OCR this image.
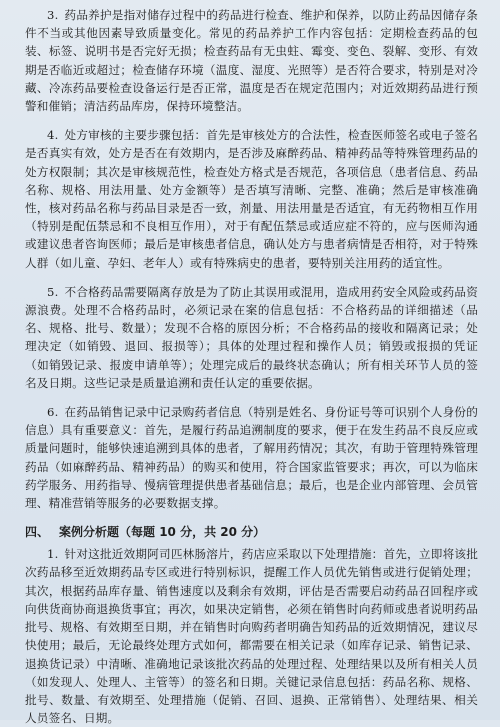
3. 药品养护是指对储存过程中的药品进行检查、维护和保养，以防止药品因储存条件不当或其他因素导致质量变化。常见的药品养护工作内容包括：定期检查药品的包装、标签、说明书是否完好无损；检查药品有无虫蛀、霉变、变色、裂解、变形、有效期是否临近或超过；检查储存环境（温度、湿度、光照等）是否符合要求，特别是对冷藏、冷冻药品要检查设备运行是否正常，温度是否在规定范围内；对近效期药品进行预警和催销；清洁药品库房，保持环境整洁。

4. 处方审核的主要步骤包括：首先是审核处方的合法性，检查医师签名或电子签名是否真实有效，处方是否在有效期内，是否涉及麻醉药品、精神药品等特殊管理药品的处方权限制；其次是审核规范性，检查处方格式是否规范，各项信息（患者信息、药品名称、规格、用法用量、处方金额等）是否填写清晰、完整、准确；然后是审核准确性，核对药品名称与药品目录是否一致，剂量、用法用量是否适宜，有无药物相互作用（特别是配伍禁忌和不良相互作用），对于有配伍禁忌或适应症不符的，应与医师沟通或建议患者咨询医师；最后是审核患者信息，确认处方与患者病情是否相符，对于特殊人群（如儿童、孕妇、老年人）或有特殊病史的患者，要特别关注用药的适宜性。

5. 不合格药品需要隔离存放是为了防止其误用或混用，造成用药安全风险或药品资源浪费。处理不合格药品时，必须记录在案的信息包括：不合格药品的详细描述（品名、规格、批号、数量）；发现不合格的原因分析；不合格药品的接收和隔离记录；处理决定（如销毁、退回、报损等）；具体的处理过程和操作人员；销毁或报损的凭证（如销毁记录、报废申请单等）；处理完成后的最终状态确认；所有相关环节人员的签名及日期。这些记录是质量追溯和责任认定的重要依据。

6. 在药品销售记录中记录购药者信息（特别是姓名、身份证号等可识别个人身份的信息）具有重要意义：首先，是履行药品追溯制度的要求，便于在发生药品不良反应或质量问题时，能够快速追溯到具体的患者，了解用药情况；其次，有助于管理特殊管理药品（如麻醉药品、精神药品）的购买和使用，符合国家监管要求；再次，可以为临床药学服务、用药指导、慢病管理提供患者基础信息；最后，也是企业内部管理、会员管理、精准营销等服务的必要数据支撑。

四、 案例分析题（每题 10 分，共 20 分）

1. 针对这批近效期阿司匹林肠溶片，药店应采取以下处理措施：首先，立即将该批次药品移至近效期药品专区或进行特别标识，提醒工作人员优先销售或进行促销处理；其次，根据药品库存量、销售速度以及剩余有效期，评估是否需要启动药品召回程序或向供货商协商退换货事宜；再次，如果决定销售，必须在销售时向药师或患者说明药品批号、规格、有效期至日期，并在销售时向购药者明确告知药品的近效期情况，建议尽快使用；最后，无论最终处理方式如何，都需要在相关记录（如库存记录、销售记录、退换货记录）中清晰、准确地记录该批次药品的处理过程、处理结果以及所有相关人员（如发现人、处理人、主管等）的签名和日期。关键记录信息包括：药品名称、规格、批号、数量、有效期至、处理措施（促销、召回、退换、正常销售）、处理结果、相关人员签名、日期。
